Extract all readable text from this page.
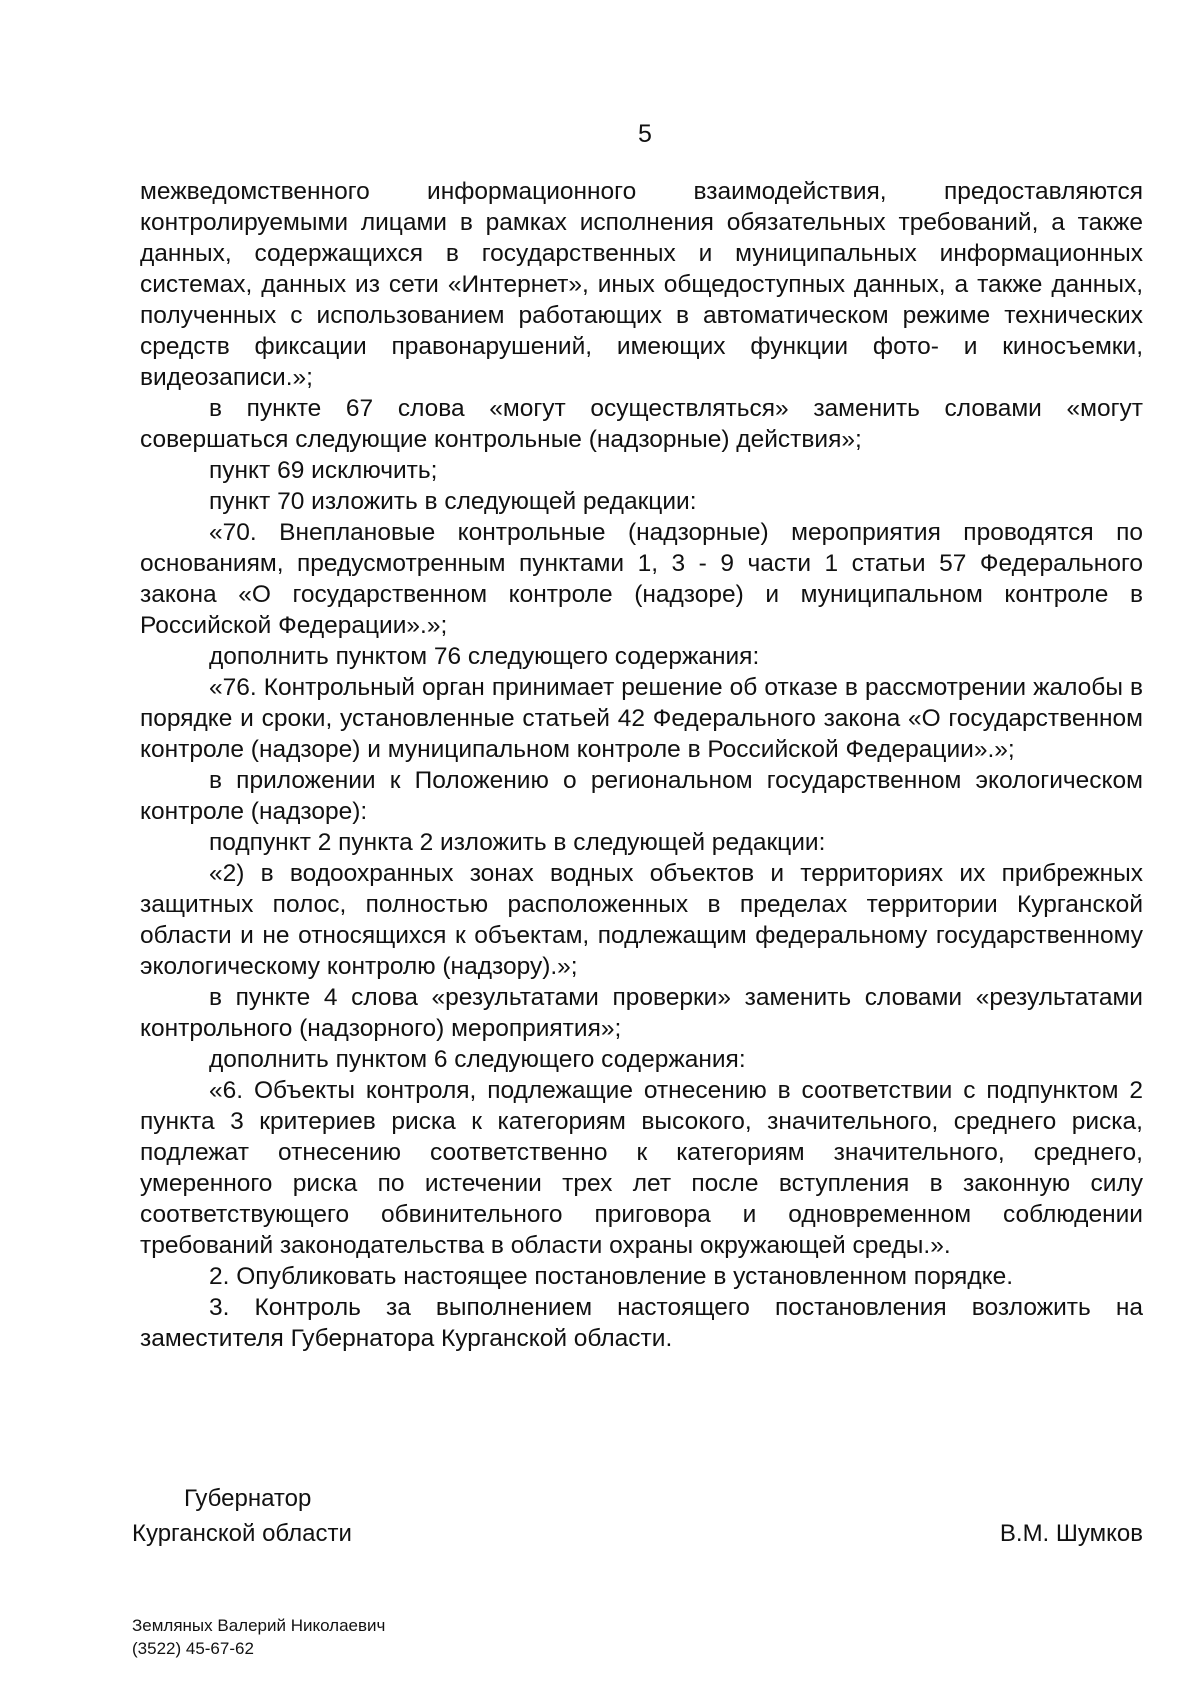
5

межведомственного информационного взаимодействия, предоставляются контролируемыми лицами в рамках исполнения обязательных требований, а также данных, содержащихся в государственных и муниципальных информационных системах, данных из сети «Интернет», иных общедоступных данных, а также данных, полученных с использованием работающих в автоматическом режиме технических средств фиксации правонарушений, имеющих функции фото- и киносъемки, видеозаписи.»;

в пункте 67 слова «могут осуществляться» заменить словами «могут совершаться следующие контрольные (надзорные) действия»;

пункт 69 исключить;

пункт 70 изложить в следующей редакции:

«70. Внеплановые контрольные (надзорные) мероприятия проводятся по основаниям, предусмотренным пунктами 1, 3 - 9 части 1 статьи 57 Федерального закона «О государственном контроле (надзоре) и муниципальном контроле в Российской Федерации».»;

дополнить пунктом 76 следующего содержания:

«76. Контрольный орган принимает решение об отказе в рассмотрении жалобы в порядке и сроки, установленные статьей 42 Федерального закона «О государственном контроле (надзоре) и муниципальном контроле в Российской Федерации».»;

в приложении к Положению о региональном государственном экологическом контроле (надзоре):

подпункт 2 пункта 2 изложить в следующей редакции:

«2) в водоохранных зонах водных объектов и территориях их прибрежных защитных полос, полностью расположенных в пределах территории Курганской области и не относящихся к объектам, подлежащим федеральному государственному экологическому контролю (надзору).»;

в пункте 4 слова «результатами проверки» заменить словами «результатами контрольного (надзорного) мероприятия»;

дополнить пунктом 6 следующего содержания:

«6. Объекты контроля, подлежащие отнесению в соответствии с подпунктом 2 пункта 3 критериев риска к категориям высокого, значительного, среднего риска, подлежат отнесению соответственно к категориям значительного, среднего, умеренного риска по истечении трех лет после вступления в законную силу соответствующего обвинительного приговора и одновременном соблюдении требований законодательства в области охраны окружающей среды.».

2. Опубликовать настоящее постановление в установленном порядке.

3. Контроль за выполнением настоящего постановления возложить на заместителя Губернатора Курганской области.

Губернатор
Курганской области	В.М. Шумков
Земляных Валерий Николаевич
(3522) 45-67-62
